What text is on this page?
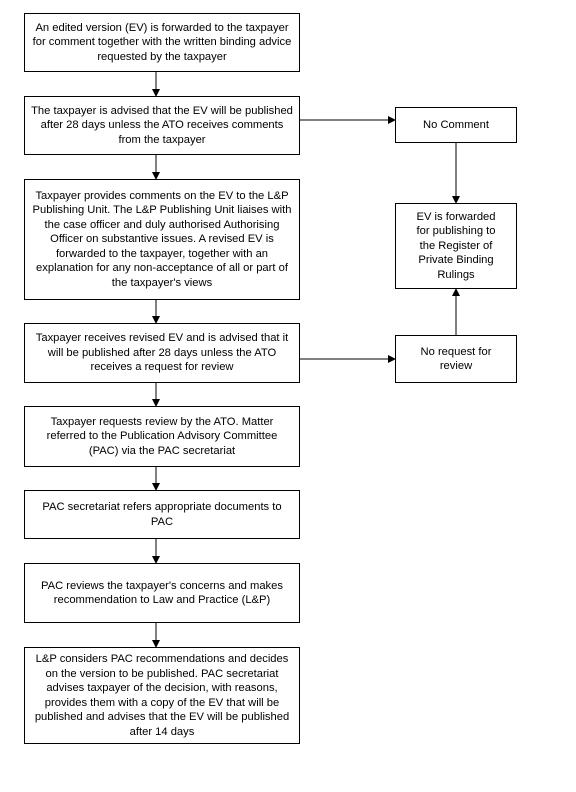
An edited version (EV) is forwarded to the taxpayer for comment together with the written binding advice requested by the taxpayer
The taxpayer is advised that the EV will be published after 28 days unless the ATO receives comments from the taxpayer
Taxpayer provides comments on the EV to the L&P Publishing Unit. The L&P Publishing Unit liaises with the case officer and duly authorised Authorising Officer on substantive issues. A revised EV is forwarded to the taxpayer, together with an explanation for any non-acceptance of all or part of the taxpayer's views
Taxpayer receives revised EV and is advised that it will be published after 28 days unless the ATO receives a request for review
Taxpayer requests review by the ATO. Matter referred to the Publication Advisory Committee (PAC) via the PAC secretariat
PAC secretariat refers appropriate documents to PAC
PAC reviews the taxpayer's concerns and makes recommendation to Law and Practice (L&P)
L&P considers PAC recommendations and decides on the version to be published. PAC secretariat advises taxpayer of the decision, with reasons, provides them with a copy of the EV that will be published and advises that the EV will be published after 14 days
No Comment
EV is forwarded for publishing to the Register of Private Binding Rulings
No request for review
